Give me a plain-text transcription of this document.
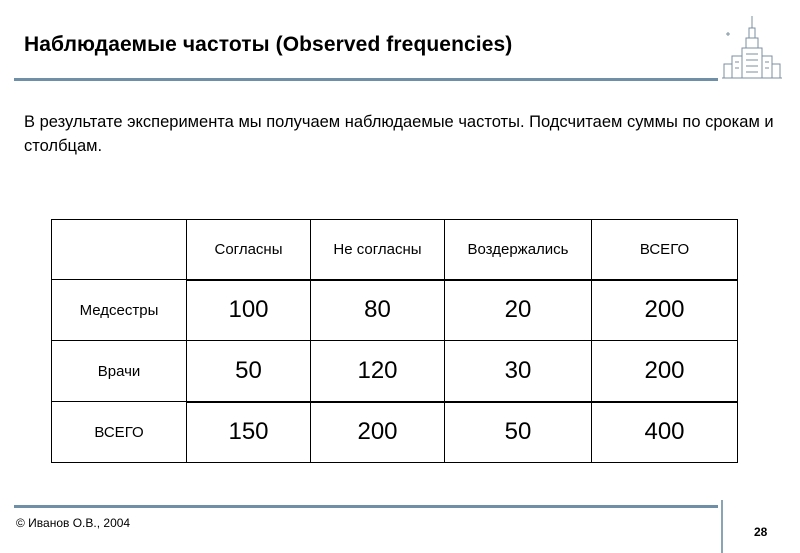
Наблюдаемые частоты (Observed frequencies)
В результате эксперимента мы получаем наблюдаемые частоты. Подсчитаем суммы по срокам и столбцам.
	Согласны	Не согласны	Воздержались	ВСЕГО
Медсестры	100	80	20	200
Врачи	50	120	30	200
ВСЕГО	150	200	50	400
© Иванов О.В., 2004
28
